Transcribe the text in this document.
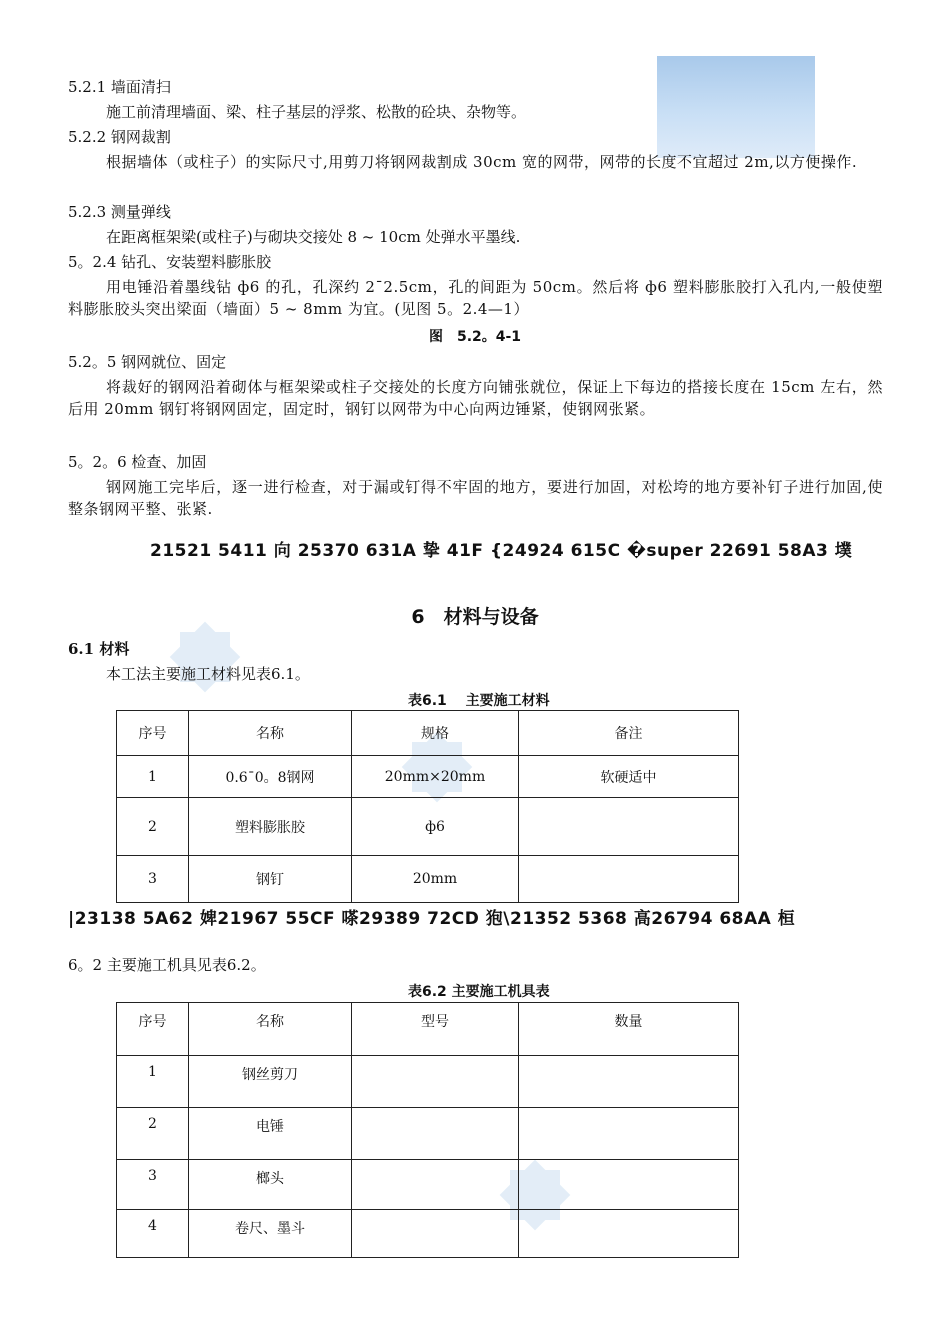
5.2.1 墙面清扫
施工前清理墙面、梁、柱子基层的浮浆、松散的砼块、杂物等。
5.2.2 钢网裁割
根据墙体（或柱子）的实际尺寸,用剪刀将钢网裁割成 30cm 宽的网带，网带的长度不宜超过 2m,以方便操作.
5.2.3 测量弹线
在距离框架梁(或柱子)与砌块交接处 8 ~ 10cm 处弹水平墨线.
5。2.4 钻孔、安装塑料膨胀胶
用电锤沿着墨线钻 ф6 的孔，孔深约 2¯2.5cm，孔的间距为 50cm。然后将 ф6 塑料膨胀胶打入孔内,一般使塑料膨胀胶头突出梁面（墙面）5 ~ 8mm 为宜。(见图 5。2.4—1）
图　5.2。4-1
5.2。5 钢网就位、固定
将裁好的钢网沿着砌体与框架梁或柱子交接处的长度方向铺张就位，保证上下每边的搭接长度在 15cm 左右，然后用 20mm 钢钉将钢网固定，固定时，钢钉以网带为中心向两边锤紧，使钢网张紧。
5。2。6 检查、加固
钢网施工完毕后，逐一进行检查，对于漏或钉得不牢固的地方，要进行加固，对松垮的地方要补钉子进行加固,使整条钢网平整、张紧.
21521 5411 向 25370 631A 挚 41F {24924 615C �super 22691 58A3 墣
6　材料与设备
6.1 材料
本工法主要施工材料见表6.1。
表6.1　 主要施工材料
序号	名称	规格	备注
1	0.6¯0。8钢网	20mm×20mm	软硬适中
2	塑料膨胀胶	ф6	
3	钢钉	20mm	
|23138 5A62 婢21967 55CF 嗏29389 72CD 狍\21352 5368 高26794 68AA 桓
6。2 主要施工机具见表6.2。
表6.2 主要施工机具表
序号	名称	型号	数量
1	钢丝剪刀		
2	电锤		
3	榔头		
4	卷尺、墨斗		
